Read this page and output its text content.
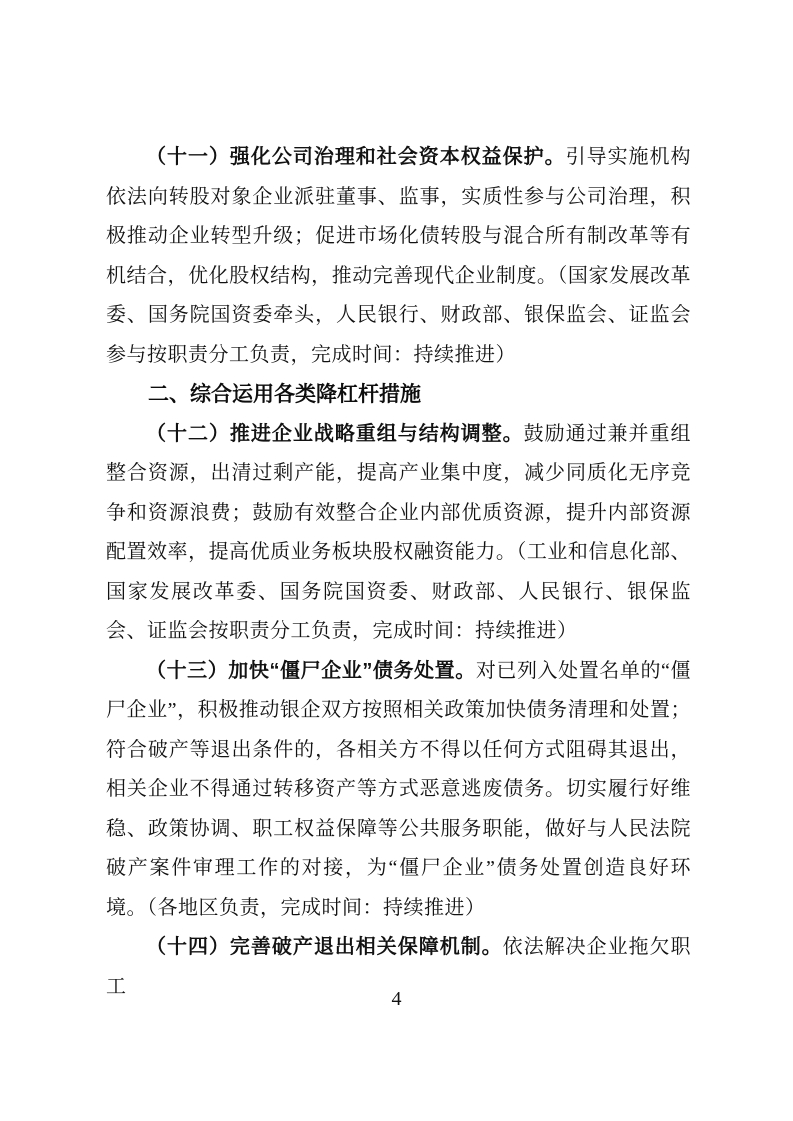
（十一）强化公司治理和社会资本权益保护。引导实施机构依法向转股对象企业派驻董事、监事，实质性参与公司治理，积极推动企业转型升级；促进市场化债转股与混合所有制改革等有机结合，优化股权结构，推动完善现代企业制度。（国家发展改革委、国务院国资委牵头，人民银行、财政部、银保监会、证监会参与按职责分工负责，完成时间：持续推进）

二、综合运用各类降杠杆措施

（十二）推进企业战略重组与结构调整。鼓励通过兼并重组整合资源，出清过剩产能，提高产业集中度，减少同质化无序竞争和资源浪费；鼓励有效整合企业内部优质资源，提升内部资源配置效率，提高优质业务板块股权融资能力。（工业和信息化部、国家发展改革委、国务院国资委、财政部、人民银行、银保监会、证监会按职责分工负责，完成时间：持续推进）

（十三）加快“僵尸企业”债务处置。对已列入处置名单的“僵尸企业”，积极推动银企双方按照相关政策加快债务清理和处置；符合破产等退出条件的，各相关方不得以任何方式阻碍其退出，相关企业不得通过转移资产等方式恶意逃废债务。切实履行好维稳、政策协调、职工权益保障等公共服务职能，做好与人民法院破产案件审理工作的对接，为“僵尸企业”债务处置创造良好环境。（各地区负责，完成时间：持续推进）

（十四）完善破产退出相关保障机制。依法解决企业拖欠职工

4
